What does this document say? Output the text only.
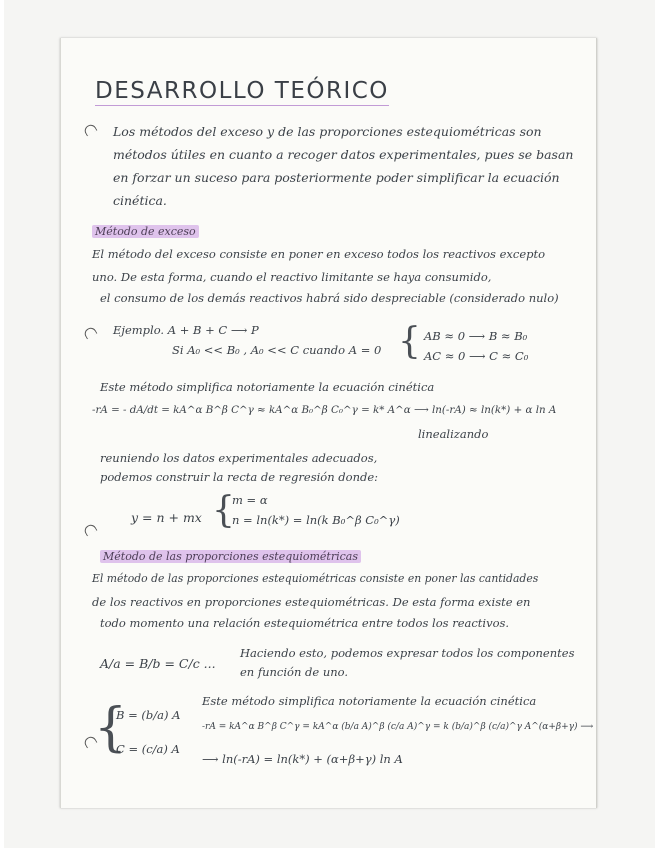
DESARROLLO TEÓRICO
Los métodos del exceso y de las proporciones estequiométricas son
métodos útiles en cuanto a recoger datos experimentales, pues se basan
en forzar un suceso para posteriormente poder simplificar la ecuación
cinética.
Método de exceso
El método del exceso consiste en poner en exceso todos los reactivos excepto
uno. De esta forma, cuando el reactivo limitante se haya consumido,
el consumo de los demás reactivos habrá sido despreciable (considerado nulo)
Ejemplo. A + B + C ⟶ P
Si A₀ << B₀ , A₀ << C cuando A = 0 { AB ≈ 0 ⟶ B ≈ B₀
AC ≈ 0 ⟶ C ≈ C₀
Este método simplifica notoriamente la ecuación cinética
-rA = - dA/dt = kA^α B^β C^γ ≈ kA^α B₀^β C₀^γ = k* A^α ⟶ ln(-rA) ≈ ln(k*) + α ln A
linealizando
reuniendo los datos experimentales adecuados,
podemos construir la recta de regresión donde:
y = n + mx {
m = α
n = ln(k*) = ln(k B₀^β C₀^γ)
Método de las proporciones estequiométricas
El método de las proporciones estequiométricas consiste en poner las cantidades
de los reactivos en proporciones estequiométricas. De esta forma existe en
todo momento una relación estequiométrica entre todos los reactivos.
A/a = B/b = C/c ...
Haciendo esto, podemos expresar todos los componentes
en función de uno.
{
B = (b/a) A
C = (c/a) A
Este método simplifica notoriamente la ecuación cinética
-rA = kA^α B^β C^γ = kA^α (b/a A)^β (c/a A)^γ = k (b/a)^β (c/a)^γ A^(α+β+γ) ⟶
⟶ ln(-rA) = ln(k*) + (α+β+γ) ln A
